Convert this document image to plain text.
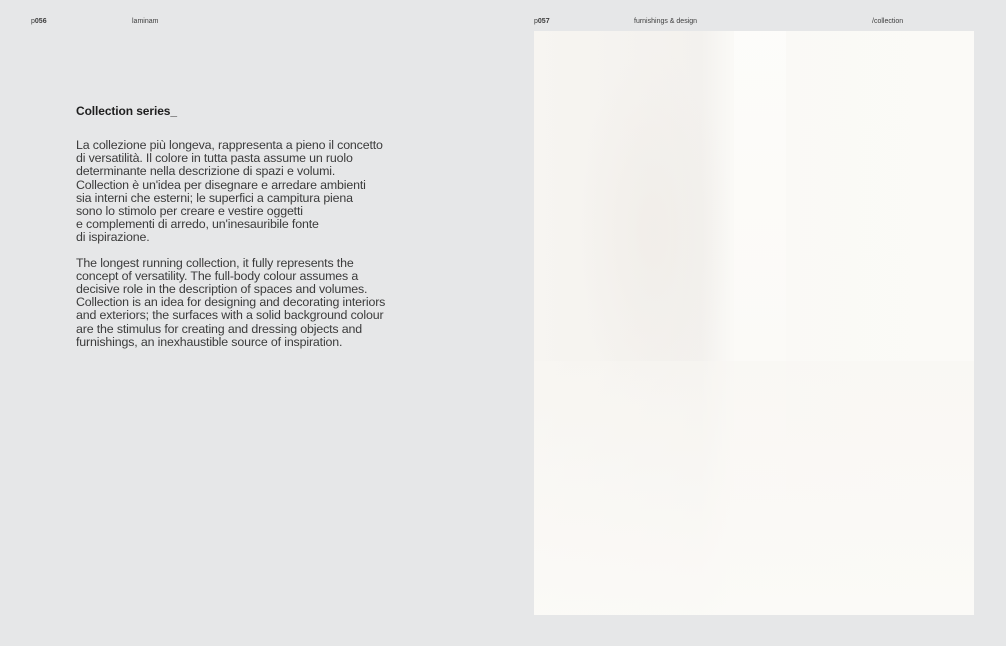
p056	laminam
Collection series_
La collezione più longeva, rappresenta a pieno il concetto
di versatilità. Il colore in tutta pasta assume un ruolo
determinante nella descrizione di spazi e volumi.
Collection è un'idea per disegnare e arredare ambienti
sia interni che esterni; le superfici a campitura piena
sono lo stimolo per creare e vestire oggetti
e complementi di arredo, un'inesauribile fonte
di ispirazione.
The longest running collection, it fully represents the
concept of versatility. The full-body colour assumes a
decisive role in the description of spaces and volumes.
Collection is an idea for designing and decorating interiors
and exteriors; the surfaces with a solid background colour
are the stimulus for creating and dressing objects and
furnishings, an inexhaustible source of inspiration.
p057	furnishings & design	/collection
